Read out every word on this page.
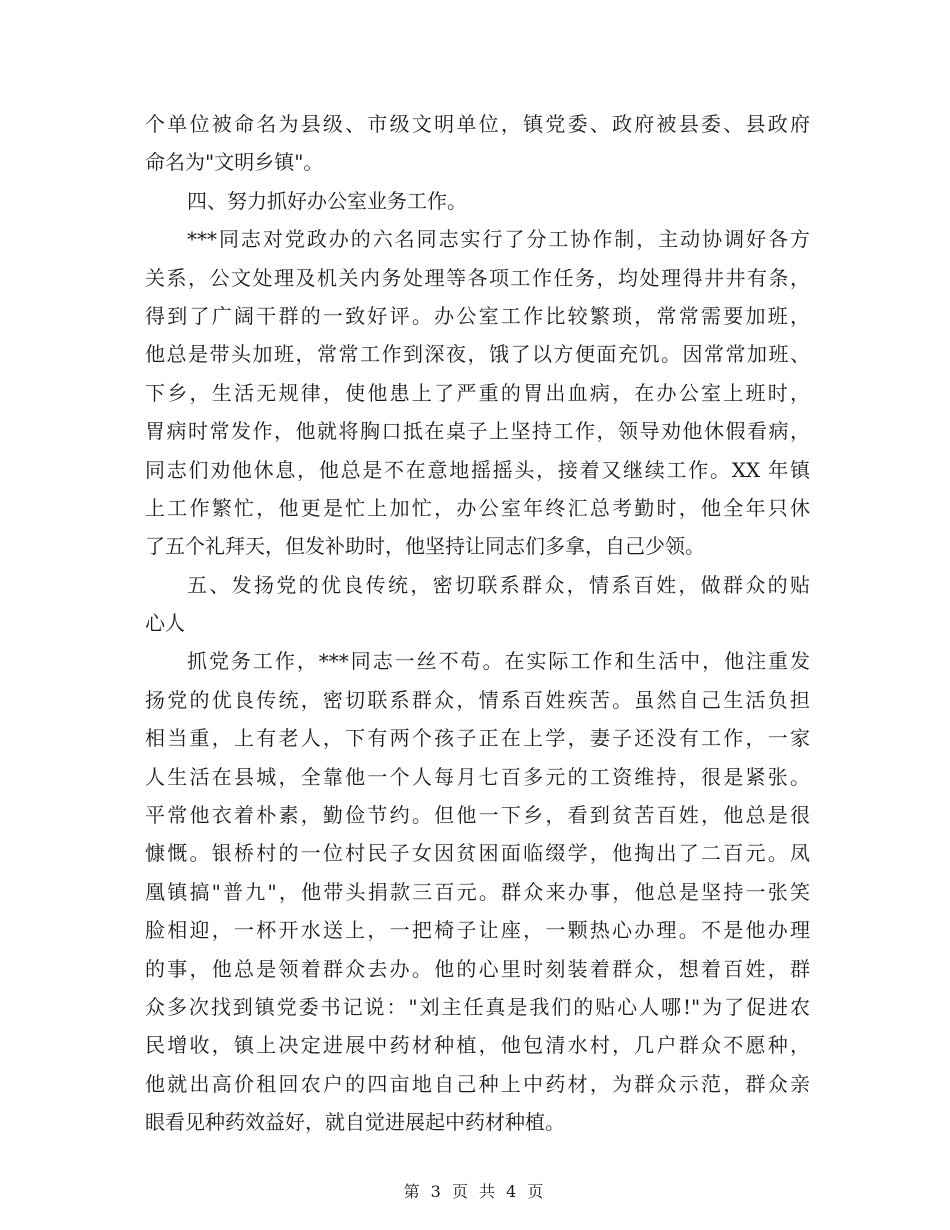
个单位被命名为县级、市级文明单位，镇党委、政府被县委、县政府
命名为"文明乡镇"。
四、努力抓好办公室业务工作。
***同志对党政办的六名同志实行了分工协作制，主动协调好各方
关系，公文处理及机关内务处理等各项工作任务，均处理得井井有条，
得到了广阔干群的一致好评。办公室工作比较繁琐，常常需要加班，
他总是带头加班，常常工作到深夜，饿了以方便面充饥。因常常加班、
下乡，生活无规律，使他患上了严重的胃出血病，在办公室上班时，
胃病时常发作，他就将胸口抵在桌子上坚持工作，领导劝他休假看病，
同志们劝他休息，他总是不在意地摇摇头，接着又继续工作。XX 年镇
上工作繁忙，他更是忙上加忙，办公室年终汇总考勤时，他全年只休
了五个礼拜天，但发补助时，他坚持让同志们多拿，自己少领。
五、发扬党的优良传统，密切联系群众，情系百姓，做群众的贴
心人
抓党务工作，***同志一丝不苟。在实际工作和生活中，他注重发
扬党的优良传统，密切联系群众，情系百姓疾苦。虽然自己生活负担
相当重，上有老人，下有两个孩子正在上学，妻子还没有工作，一家
人生活在县城，全靠他一个人每月七百多元的工资维持，很是紧张。
平常他衣着朴素，勤俭节约。但他一下乡，看到贫苦百姓，他总是很
慷慨。银桥村的一位村民子女因贫困面临缀学，他掏出了二百元。凤
凰镇搞"普九"，他带头捐款三百元。群众来办事，他总是坚持一张笑
脸相迎，一杯开水送上，一把椅子让座，一颗热心办理。不是他办理
的事，他总是领着群众去办。他的心里时刻装着群众，想着百姓，群
众多次找到镇党委书记说："刘主任真是我们的贴心人哪!"为了促进农
民增收，镇上决定进展中药材种植，他包清水村，几户群众不愿种，
他就出高价租回农户的四亩地自己种上中药材，为群众示范，群众亲
眼看见种药效益好，就自觉进展起中药材种植。
第 3 页 共 4 页
